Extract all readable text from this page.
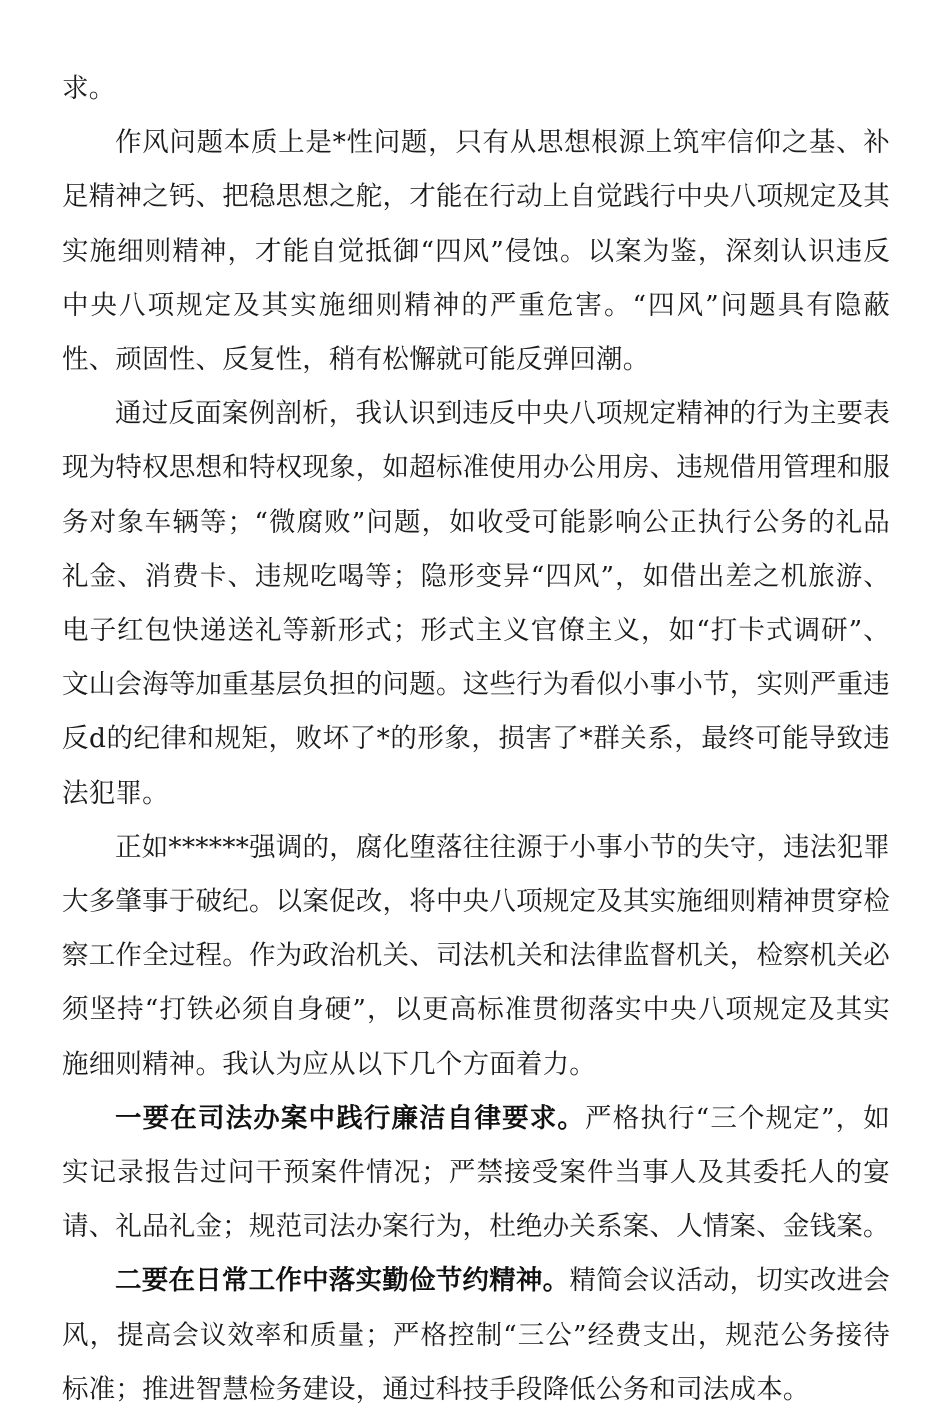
求。

作风问题本质上是*性问题，只有从思想根源上筑牢信仰之基、补足精神之钙、把稳思想之舵，才能在行动上自觉践行中央八项规定及其实施细则精神，才能自觉抵御“四风”侵蚀。以案为鉴，深刻认识违反中央八项规定及其实施细则精神的严重危害。“四风”问题具有隐蔽性、顽固性、反复性，稍有松懈就可能反弹回潮。

通过反面案例剖析，我认识到违反中央八项规定精神的行为主要表现为特权思想和特权现象，如超标准使用办公用房、违规借用管理和服务对象车辆等；“微腐败”问题，如收受可能影响公正执行公务的礼品礼金、消费卡、违规吃喝等；隐形变异“四风”，如借出差之机旅游、电子红包快递送礼等新形式；形式主义官僚主义，如“打卡式调研”、文山会海等加重基层负担的问题。这些行为看似小事小节，实则严重违反d的纪律和规矩，败坏了*的形象，损害了*群关系，最终可能导致违法犯罪。

正如******强调的，腐化堕落往往源于小事小节的失守，违法犯罪大多肇事于破纪。以案促改，将中央八项规定及其实施细则精神贯穿检察工作全过程。作为政治机关、司法机关和法律监督机关，检察机关必须坚持“打铁必须自身硬”，以更高标准贯彻落实中央八项规定及其实施细则精神。我认为应从以下几个方面着力。

一要在司法办案中践行廉洁自律要求。严格执行“三个规定”，如实记录报告过问干预案件情况；严禁接受案件当事人及其委托人的宴请、礼品礼金；规范司法办案行为，杜绝办关系案、人情案、金钱案。

二要在日常工作中落实勤俭节约精神。精简会议活动，切实改进会风，提高会议效率和质量；严格控制“三公”经费支出，规范公务接待标准；推进智慧检务建设，通过科技手段降低公务和司法成本。
